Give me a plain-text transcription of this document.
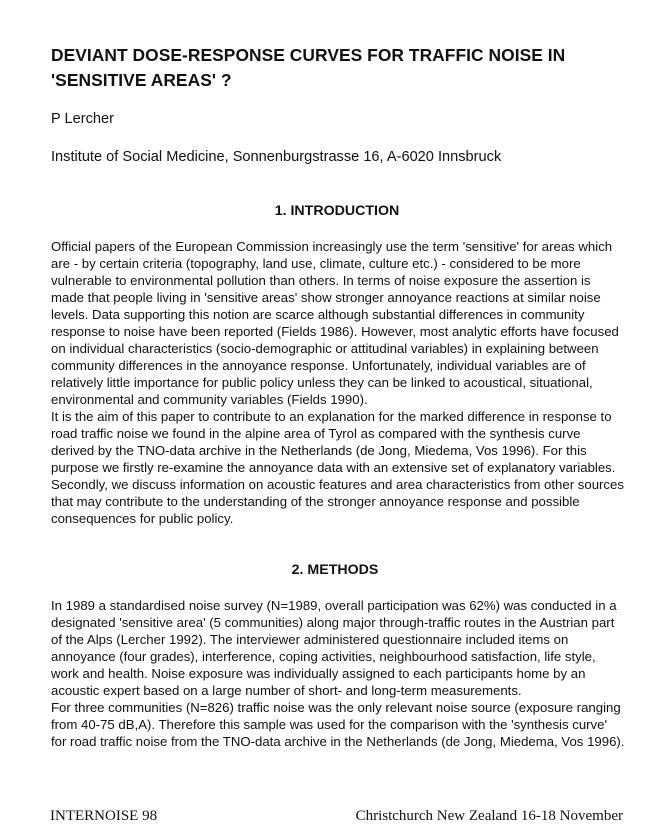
DEVIANT DOSE-RESPONSE CURVES FOR TRAFFIC NOISE IN 'SENSITIVE AREAS' ?
P Lercher
Institute of Social Medicine, Sonnenburgstrasse 16, A-6020 Innsbruck
1. INTRODUCTION

Official papers of the European Commission increasingly use the term 'sensitive' for areas which are - by certain criteria (topography, land use, climate, culture etc.) - considered to be more vulnerable to environmental pollution than others. In terms of noise exposure the assertion is made that people living in 'sensitive areas' show stronger annoyance reactions at similar noise levels. Data supporting this notion are scarce although substantial differences in community response to noise have been reported (Fields 1986). However, most analytic efforts have focused on individual characteristics (socio-demographic or attitudinal variables) in explaining between community differences in the annoyance response. Unfortunately, individual variables are of relatively little importance for public policy unless they can be linked to acoustical, situational, environmental and community variables (Fields 1990).

It is the aim of this paper to contribute to an explanation for the marked difference in response to road traffic noise we found in the alpine area of Tyrol as compared with the synthesis curve derived by the TNO-data archive in the Netherlands (de Jong, Miedema, Vos 1996). For this purpose we firstly re-examine the annoyance data with an extensive set of explanatory variables. Secondly, we discuss information on acoustic features and area characteristics from other sources that may contribute to the understanding of the stronger annoyance response and possible consequences for public policy.

2. METHODS

In 1989 a standardised noise survey (N=1989, overall participation was 62%) was conducted in a designated 'sensitive area' (5 communities) along major through-traffic routes in the Austrian part of the Alps (Lercher 1992). The interviewer administered questionnaire included items on annoyance (four grades), interference, coping activities, neighbourhood satisfaction, life style, work and health. Noise exposure was individually assigned to each participants home by an acoustic expert based on a large number of short- and long-term measurements.

For three communities (N=826) traffic noise was the only relevant noise source (exposure ranging from 40-75 dB,A). Therefore this sample was used for the comparison with the 'synthesis curve' for road traffic noise from the TNO-data archive in the Netherlands (de Jong, Miedema, Vos 1996).

INTERNOISE 98	Christchurch New Zealand 16-18 November
